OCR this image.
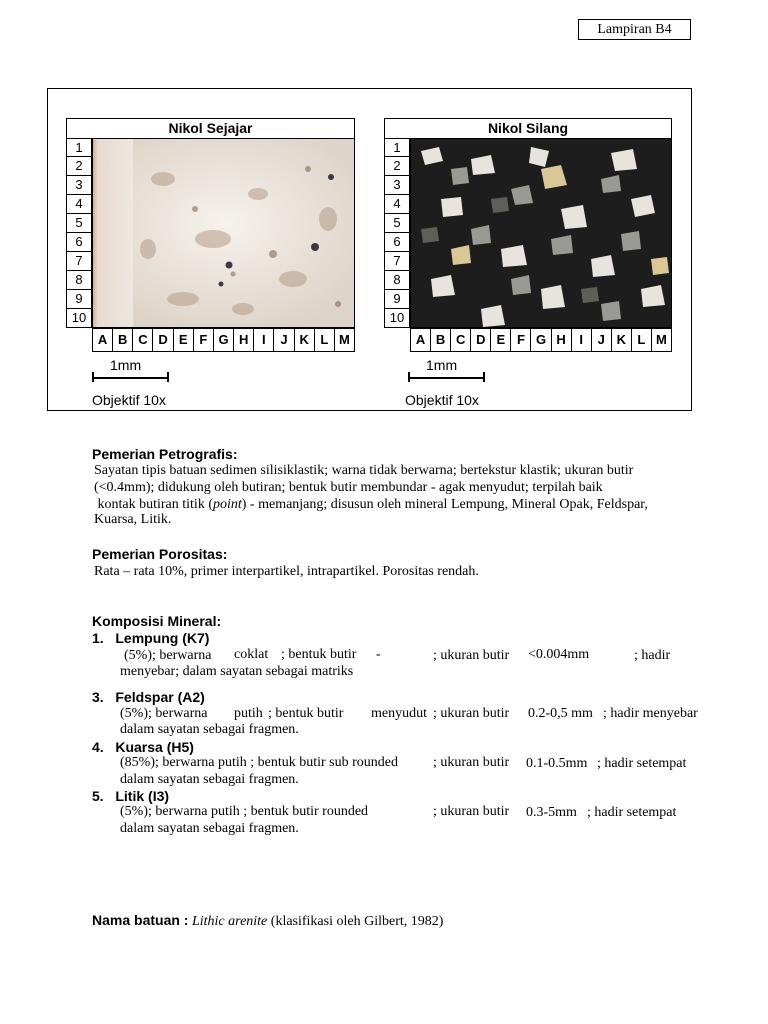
Lampiran B4
Nikol Sejajar
1
2
3
4
5
6
7
8
9
10
A B C D E F G H	I	J K L M
1mm
Objektif 10x
Nikol Silang
1
2
3
4
5
6
7
8
9
10
A B C D E F G H	I	J K L M
1mm
Objektif 10x
Pemerian Petrografis:
Sayatan tipis batuan sedimen silisiklastik; warna tidak berwarna; bertekstur klastik; ukuran butir
(<0.4mm); didukung oleh butiran; bentuk butir membundar - agak menyudut; terpilah baik
kontak butiran titik (point) - memanjang; disusun oleh mineral Lempung, Mineral Opak, Feldspar,
Kuarsa, Litik.
Pemerian Porositas:
Rata – rata 10%, primer interpartikel, intrapartikel. Porositas rendah.
Komposisi Mineral:
1. Lempung (K7)
(5%); berwarna coklat ; bentuk butir -	; ukuran butir <0.004mm	; hadir
menyebar; dalam sayatan sebagai matriks
3. Feldspar (A2)
(5%); berwarna putih ; bentuk butir menyudut ; ukuran butir 0.2-0,5 mm ; hadir menyebar
dalam sayatan sebagai fragmen.
4. Kuarsa (H5)
(85%); berwarna putih ; bentuk butir sub rounded	; ukuran butir 0.1-0.5mm ; hadir setempat
dalam sayatan sebagai fragmen.
5. Litik (I3)
(5%); berwarna putih ; bentuk butir rounded	; ukuran butir 0.3-5mm ; hadir setempat
dalam sayatan sebagai fragmen.
Nama batuan : Lithic arenite (klasifikasi oleh Gilbert, 1982)
